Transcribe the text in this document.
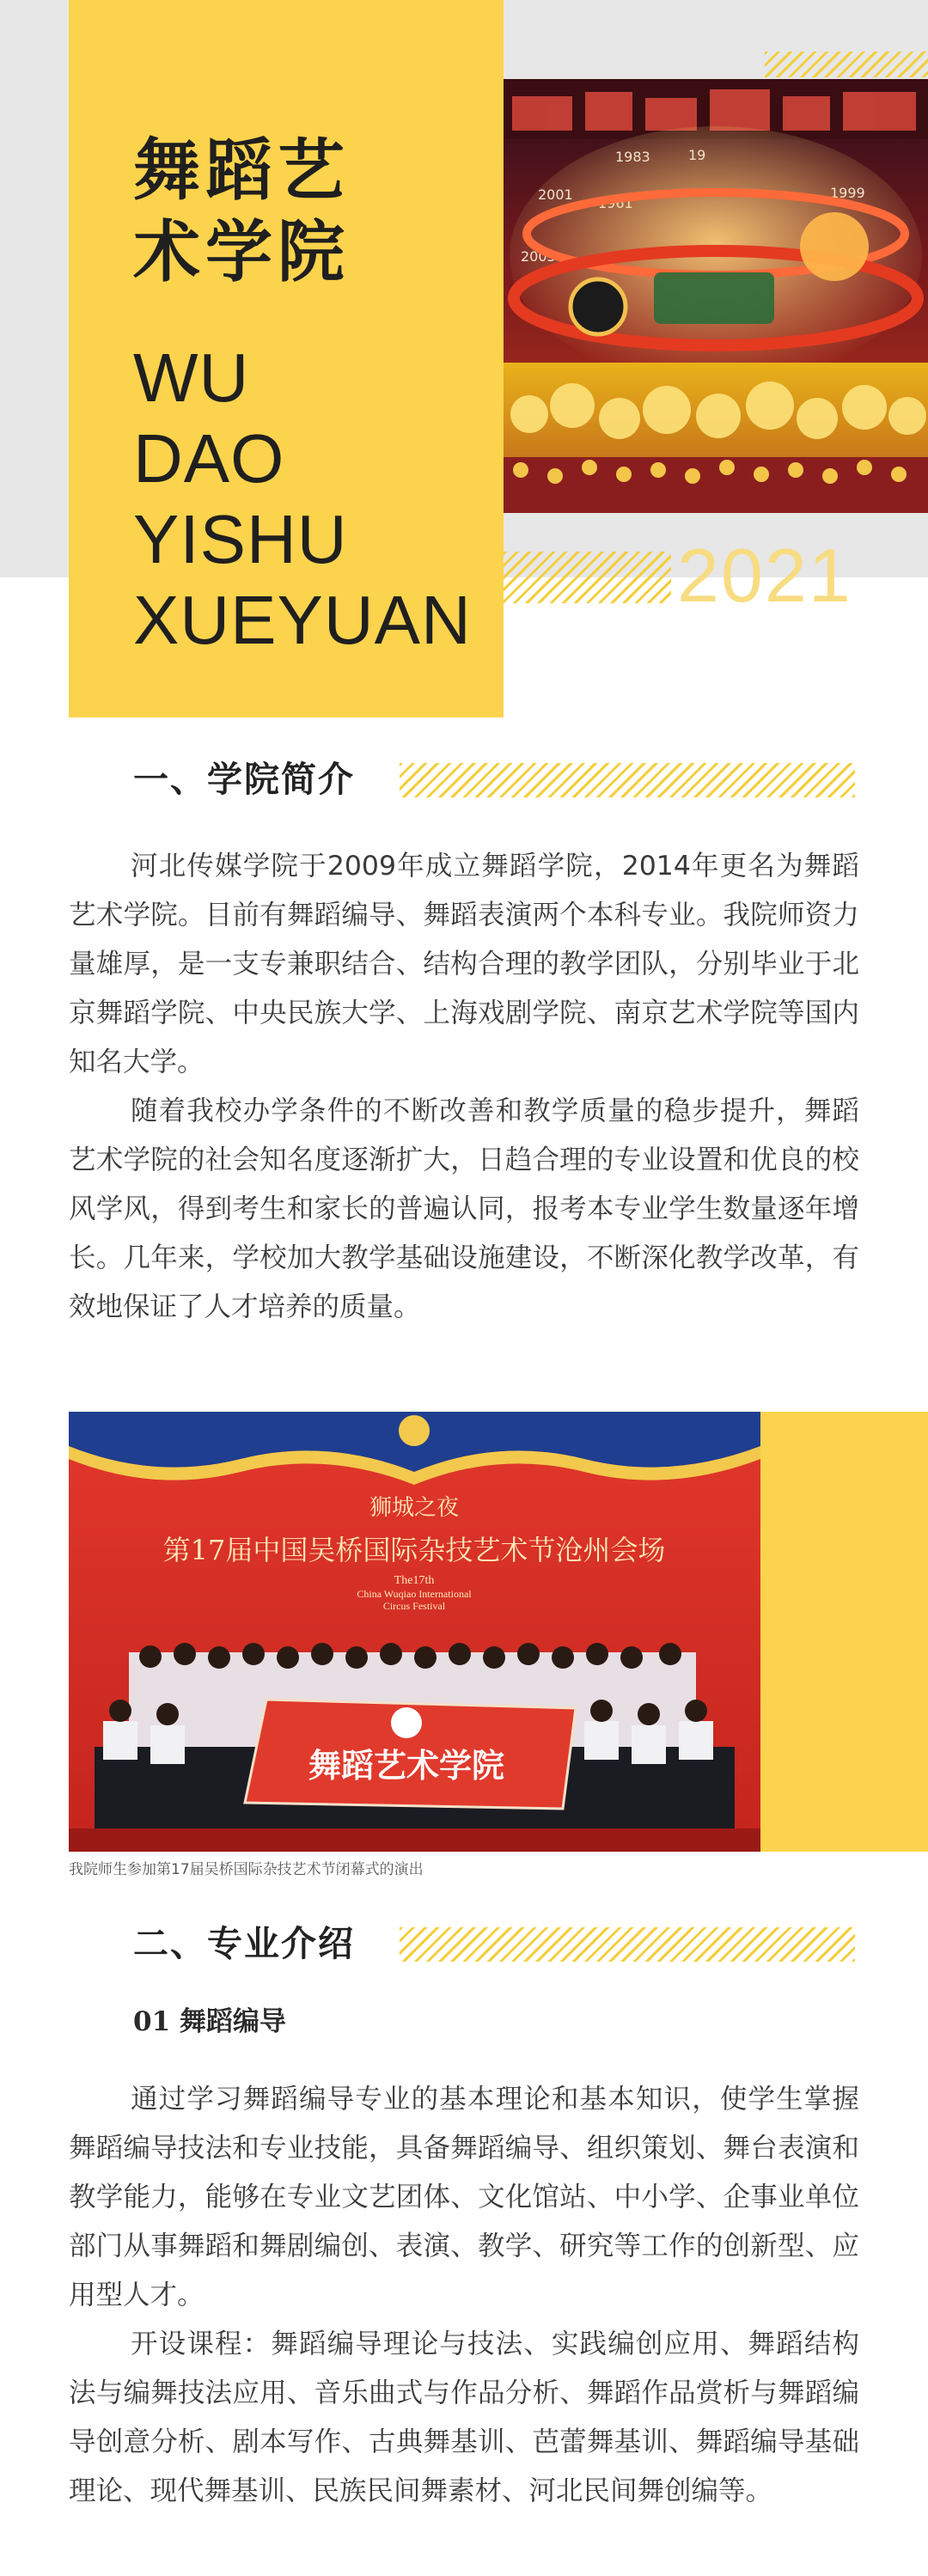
舞蹈艺
术学院
WU
DAO
YISHU
XUEYUAN
2021
一、学院简介

河北传媒学院于2009年成立舞蹈学院，2014年更名为舞蹈艺术学院。目前有舞蹈编导、舞蹈表演两个本科专业。我院师资力量雄厚，是一支专兼职结合、结构合理的教学团队，分别毕业于北京舞蹈学院、中央民族大学、上海戏剧学院、南京艺术学院等国内知名大学。

随着我校办学条件的不断改善和教学质量的稳步提升，舞蹈艺术学院的社会知名度逐渐扩大，日趋合理的专业设置和优良的校风学风，得到考生和家长的普遍认同，报考本专业学生数量逐年增长。几年来，学校加大教学基础设施建设，不断深化教学改革，有效地保证了人才培养的质量。

狮城之夜
第17届中国吴桥国际杂技艺术节沧州会场
The17th
China Wuqiao International
Circus Festival
舞蹈艺术学院
我院师生参加第17届吴桥国际杂技艺术节闭幕式的演出
二、专业介绍
01 舞蹈编导

通过学习舞蹈编导专业的基本理论和基本知识，使学生掌握舞蹈编导技法和专业技能，具备舞蹈编导、组织策划、舞台表演和教学能力，能够在专业文艺团体、文化馆站、中小学、企事业单位部门从事舞蹈和舞剧编创、表演、教学、研究等工作的创新型、应用型人才。

开设课程：舞蹈编导理论与技法、实践编创应用、舞蹈结构法与编舞技法应用、音乐曲式与作品分析、舞蹈作品赏析与舞蹈编导创意分析、剧本写作、古典舞基训、芭蕾舞基训、舞蹈编导基础理论、现代舞基训、民族民间舞素材、河北民间舞创编等。
